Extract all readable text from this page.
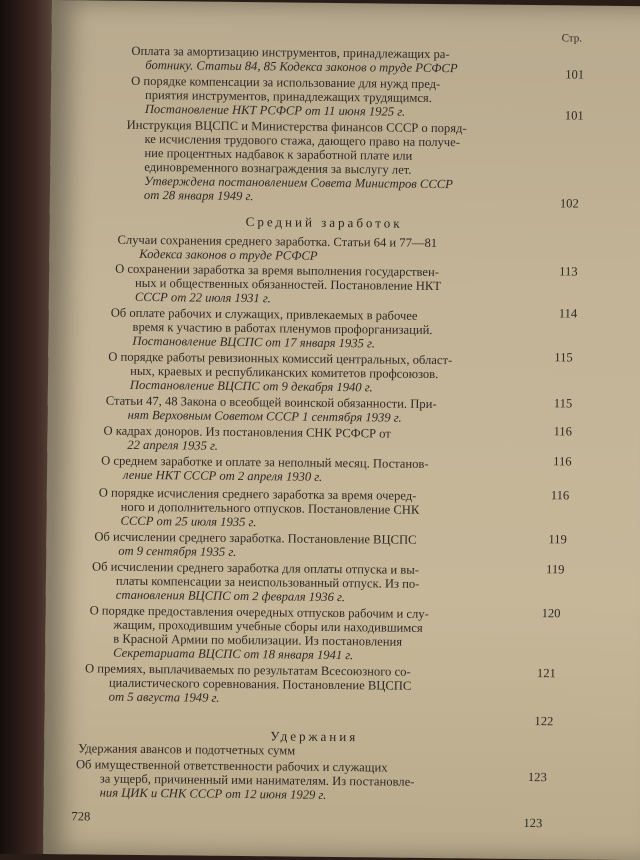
Стр.
Оплата за амортизацию инструментов, принадлежащих ра-
ботнику. Статьи 84, 85 Кодекса законов о труде РСФСР	101
О порядке компенсации за использование для нужд пред-
приятия инструментов, принадлежащих трудящимся.
Постановление НКТ РСФСР от 11 июня 1925 г.	101
Инструкция ВЦСПС и Министерства финансов СССР о поряд-
ке исчисления трудового стажа, дающего право на получе-
ние процентных надбавок к заработной плате или
единовременного вознаграждения за выслугу лет.
Утверждена постановлением Совета Министров СССР
от 28 января 1949 г.
102
Средний заработок
Случаи сохранения среднего заработка. Статьи 64 и 77—81
Кодекса законов о труде РСФСР
113
О сохранении заработка за время выполнения государствен-
ных и общественных обязанностей. Постановление НКТ
СССР от 22 июля 1931 г.
114
Об оплате рабочих и служащих, привлекаемых в рабочее
время к участию в работах пленумов профорганизаций.
Постановление ВЦСПС от 17 января 1935 г.
115
О порядке работы ревизионных комиссий центральных, област-
ных, краевых и республиканских комитетов профсоюзов.
Постановление ВЦСПС от 9 декабря 1940 г.
115
Статьи 47, 48 Закона о всеобщей воинской обязанности. При-
нят Верховным Советом СССР 1 сентября 1939 г.
116
О кадрах доноров. Из постановления СНК РСФСР от
22 апреля 1935 г.
116
О среднем заработке и оплате за неполный месяц. Постанов-
ление НКТ СССР от 2 апреля 1930 г.
116
О порядке исчисления среднего заработка за время очеред-
ного и дополнительного отпусков. Постановление СНК
СССР от 25 июля 1935 г.
119
Об исчислении среднего заработка. Постановление ВЦСПС
от 9 сентября 1935 г.
119
Об исчислении среднего заработка для оплаты отпуска и вы-
платы компенсации за неиспользованный отпуск. Из по-
становления ВЦСПС от 2 февраля 1936 г.
120
О порядке предоставления очередных отпусков рабочим и слу-
жащим, проходившим учебные сборы или находившимся
в Красной Армии по мобилизации. Из постановления
Секретариата ВЦСПС от 18 января 1941 г.
121
О премиях, выплачиваемых по результатам Всесоюзного со-
циалистического соревнования. Постановление ВЦСПС
от 5 августа 1949 г.
122
Удержания
Удержания авансов и подотчетных сумм
123
Об имущественной ответственности рабочих и служащих
за ущерб, причиненный ими нанимателям. Из постановле-
ния ЦИК и СНК СССР от 12 июня 1929 г.
123
728
